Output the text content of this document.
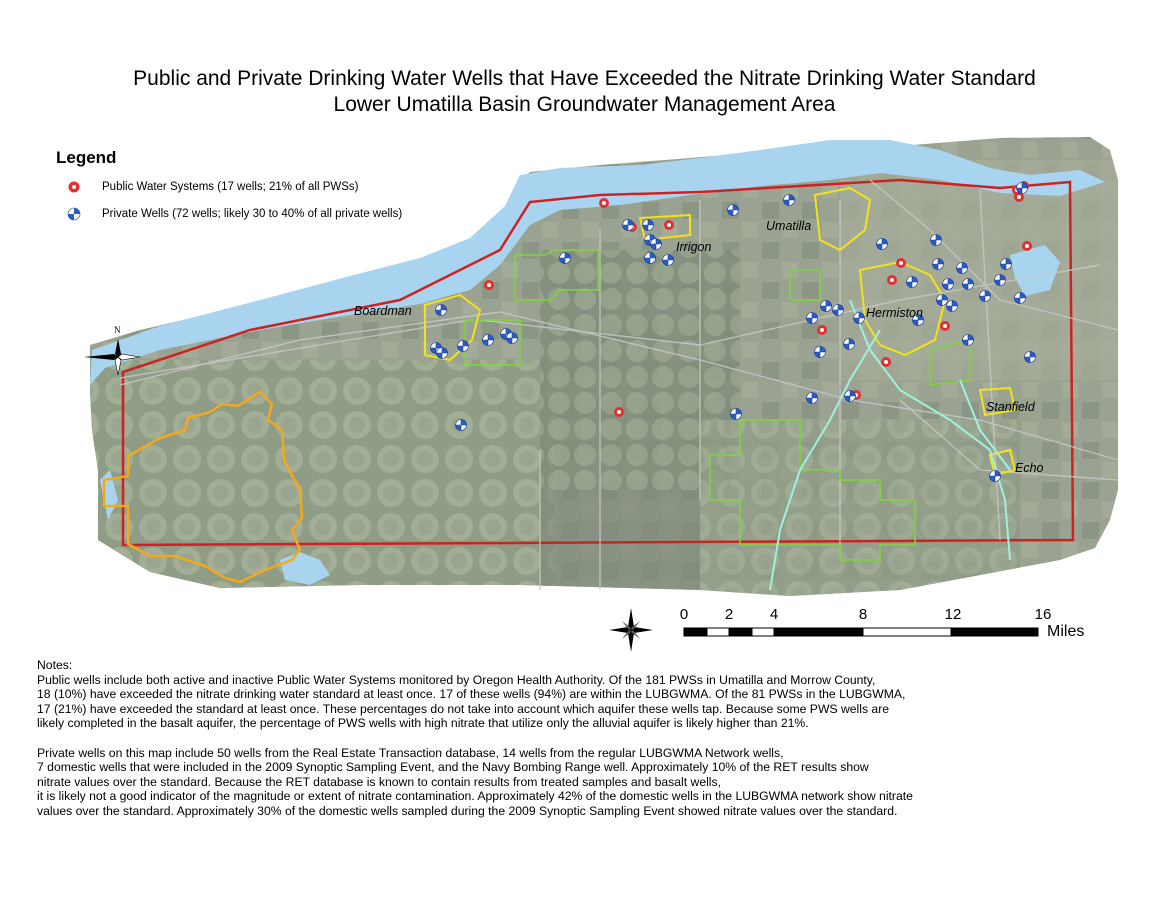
Public and Private Drinking Water Wells that Have Exceeded the Nitrate Drinking Water Standard
Lower Umatilla Basin Groundwater Management Area
N
Irrigon
Umatilla
Boardman	Hermiston
Stanfield
Echo
Legend
Public Water Systems (17 wells; 21% of all PWSs)
Private Wells (72 wells; likely 30 to 40% of all private wells)
0 2 4	8	12	16
Miles
Notes:
Public wells include both active and inactive Public Water Systems monitored by Oregon Health Authority. Of the 181 PWSs in Umatilla and Morrow County,
18 (10%) have exceeded the nitrate drinking water standard at least once. 17 of these wells (94%) are within the LUBGWMA. Of the 81 PWSs in the LUBGWMA,
17 (21%) have exceeded the standard at least once. These percentages do not take into account which aquifer these wells tap. Because some PWS wells are
likely completed in the basalt aquifer, the percentage of PWS wells with high nitrate that utilize only the alluvial aquifer is likely higher than 21%.
Private wells on this map include 50 wells from the Real Estate Transaction database, 14 wells from the regular LUBGWMA Network wells,
7 domestic wells that were included in the 2009 Synoptic Sampling Event, and the Navy Bombing Range well. Approximately 10% of the RET results show
nitrate values over the standard. Because the RET database is known to contain results from treated samples and basalt wells,
it is likely not a good indicator of the magnitude or extent of nitrate contamination. Approximately 42% of the domestic wells in the LUBGWMA network show nitrate
values over the standard. Approximately 30% of the domestic wells sampled during the 2009 Synoptic Sampling Event showed nitrate values over the standard.
